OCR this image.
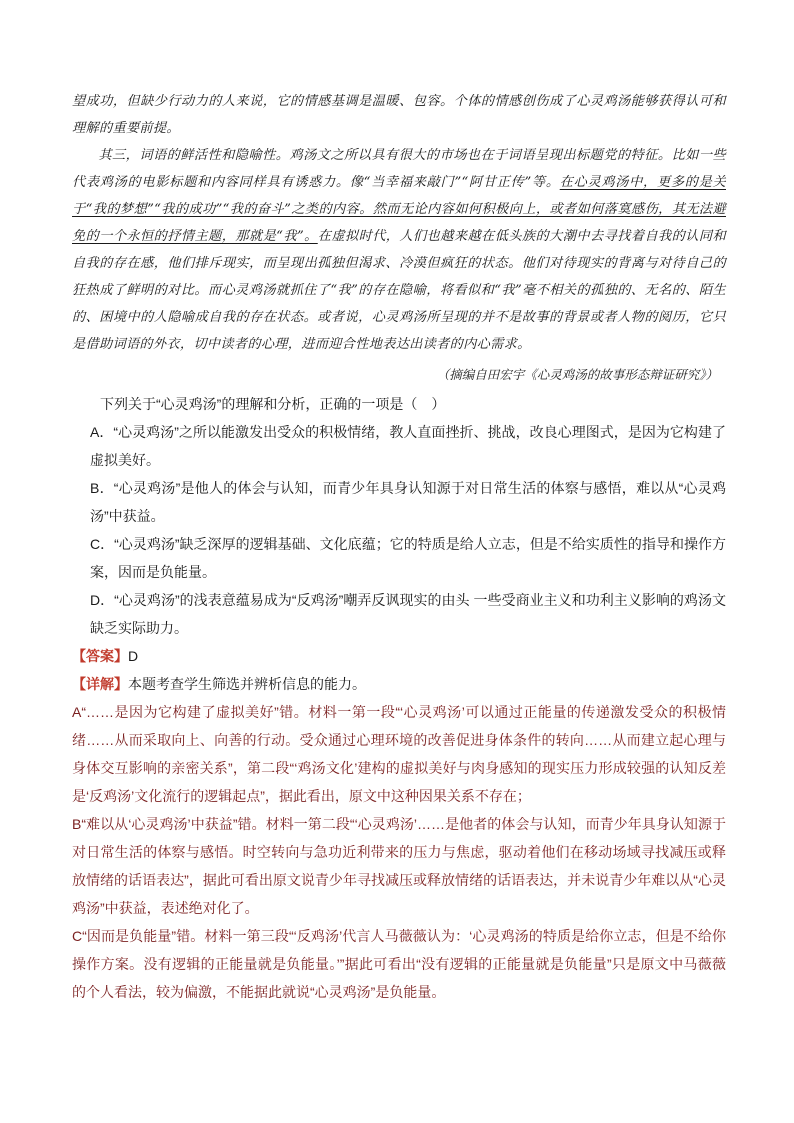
望成功，但缺少行动力的人来说，它的情感基调是温暖、包容。个体的情感创伤成了心灵鸡汤能够获得认可和理解的重要前提。

其三，词语的鲜活性和隐喻性。鸡汤文之所以具有很大的市场也在于词语呈现出标题党的特征。比如一些代表鸡汤的电影标题和内容同样具有诱惑力。像“当幸福来敲门”“阿甘正传”等。在心灵鸡汤中，更多的是关于“我的梦想”“我的成功”“我的奋斗”之类的内容。然而无论内容如何积极向上，或者如何落寞感伤，其无法避免的一个永恒的抒情主题，那就是“我”。在虚拟时代，人们也越来越在低头族的大潮中去寻找着自我的认同和自我的存在感，他们排斥现实，而呈现出孤独但渴求、冷漠但疯狂的状态。他们对待现实的背离与对待自己的狂热成了鲜明的对比。而心灵鸡汤就抓住了“我”的存在隐喻，将看似和“我”毫不相关的孤独的、无名的、陌生的、困境中的人隐喻成自我的存在状态。或者说，心灵鸡汤所呈现的并不是故事的背景或者人物的阅历，它只是借助词语的外衣，切中读者的心理，进而迎合性地表达出读者的内心需求。

（摘编自田宏宇《心灵鸡汤的故事形态辩证研究》）

下列关于“心灵鸡汤”的理解和分析，正确的一项是（　）

A．“心灵鸡汤”之所以能激发出受众的积极情绪，教人直面挫折、挑战，改良心理图式，是因为它构建了虚拟美好。
B．“心灵鸡汤”是他人的体会与认知，而青少年具身认知源于对日常生活的体察与感悟，难以从“心灵鸡汤”中获益。
C．“心灵鸡汤”缺乏深厚的逻辑基础、文化底蕴；它的特质是给人立志，但是不给实质性的指导和操作方案，因而是负能量。
D．“心灵鸡汤”的浅表意蕴易成为“反鸡汤”嘲弄反讽现实的由头 一些受商业主义和功利主义影响的鸡汤文缺乏实际助力。

【答案】D

【详解】本题考查学生筛选并辨析信息的能力。

A“……是因为它构建了虚拟美好”错。材料一第一段“‘心灵鸡汤’可以通过正能量的传递激发受众的积极情绪……从而采取向上、向善的行动。受众通过心理环境的改善促进身体条件的转向……从而建立起心理与身体交互影响的亲密关系”，第二段“‘鸡汤文化’建构的虚拟美好与肉身感知的现实压力形成较强的认知反差是‘反鸡汤’文化流行的逻辑起点”，据此看出，原文中这种因果关系不存在；

B“难以从‘心灵鸡汤’中获益”错。材料一第二段“‘心灵鸡汤’……是他者的体会与认知，而青少年具身认知源于对日常生活的体察与感悟。时空转向与急功近利带来的压力与焦虑，驱动着他们在移动场域寻找减压或释放情绪的话语表达”，据此可看出原文说青少年寻找减压或释放情绪的话语表达，并未说青少年难以从“心灵鸡汤”中获益，表述绝对化了。

C“因而是负能量”错。材料一第三段“‘反鸡汤’代言人马薇薇认为：‘心灵鸡汤的特质是给你立志，但是不给你操作方案。没有逻辑的正能量就是负能量。’”据此可看出“没有逻辑的正能量就是负能量”只是原文中马薇薇的个人看法，较为偏激，不能据此就说“心灵鸡汤”是负能量。
